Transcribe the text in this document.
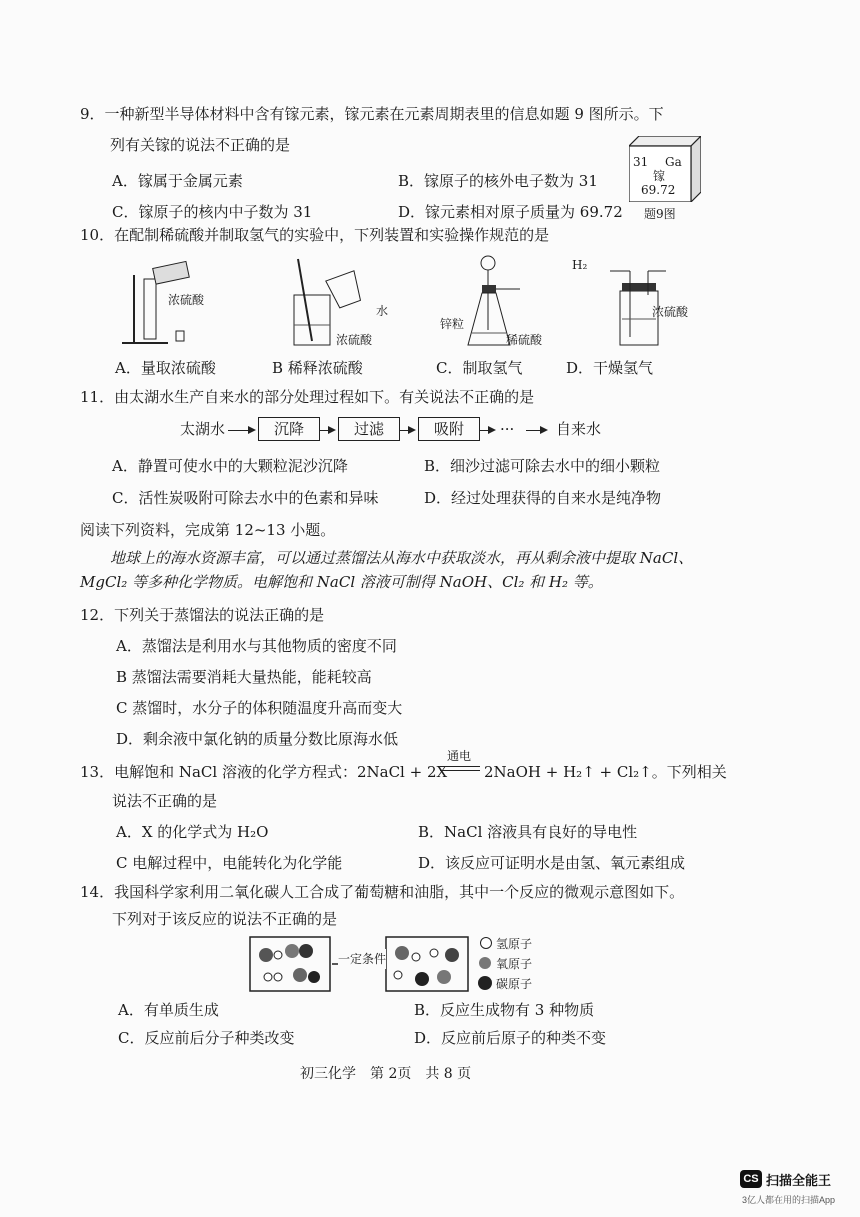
9．一种新型半导体材料中含有镓元素，镓元素在元素周期表里的信息如题 9 图所示。下
列有关镓的说法不正确的是
A．镓属于金属元素	B．镓原子的核外电子数为 31
C．镓原子的核内中子数为 31	D．镓元素相对原子质量为 69.72
31 Ga
镓
69.72
题9图
10．在配制稀硫酸并制取氢气的实验中，下列装置和实验操作规范的是
浓硫酸
水
浓硫酸
锌粒
稀硫酸
H₂
浓硫酸
A．量取浓硫酸	B 稀释浓硫酸	C．制取氢气	D．干燥氢气
11．由太湖水生产自来水的部分处理过程如下。有关说法不正确的是
太湖水	沉降	过滤	吸附	···	自来水
A．静置可使水中的大颗粒泥沙沉降	B．细沙过滤可除去水中的细小颗粒
C．活性炭吸附可除去水中的色素和异味	D．经过处理获得的自来水是纯净物
阅读下列资料，完成第 12~13 小题。
地球上的海水资源丰富，可以通过蒸馏法从海水中获取淡水，再从剩余液中提取 NaCl、
MgCl₂ 等多种化学物质。电解饱和 NaCl 溶液可制得 NaOH、Cl₂ 和 H₂ 等。
12．下列关于蒸馏法的说法正确的是
A．蒸馏法是利用水与其他物质的密度不同
B 蒸馏法需要消耗大量热能，能耗较高
C 蒸馏时，水分子的体积随温度升高而变大
D．剩余液中氯化钠的质量分数比原海水低
13．电解饱和 NaCl 溶液的化学方程式：2NaCl + 2X
通电
2NaOH + H₂↑ + Cl₂↑。下列相关
说法不正确的是
A．X 的化学式为 H₂O	B．NaCl 溶液具有良好的导电性
C 电解过程中，电能转化为化学能	D．该反应可证明水是由氢、氧元素组成
14．我国科学家利用二氧化碳人工合成了葡萄糖和油脂，其中一个反应的微观示意图如下。
下列对于该反应的说法不正确的是
一定条件
氢原子
氧原子
碳原子
A．有单质生成	B．反应生成物有 3 种物质
C．反应前后分子种类改变	D．反应前后原子的种类不变
初三化学　第 2页　共 8 页
CS 扫描全能王
3亿人都在用的扫描App
